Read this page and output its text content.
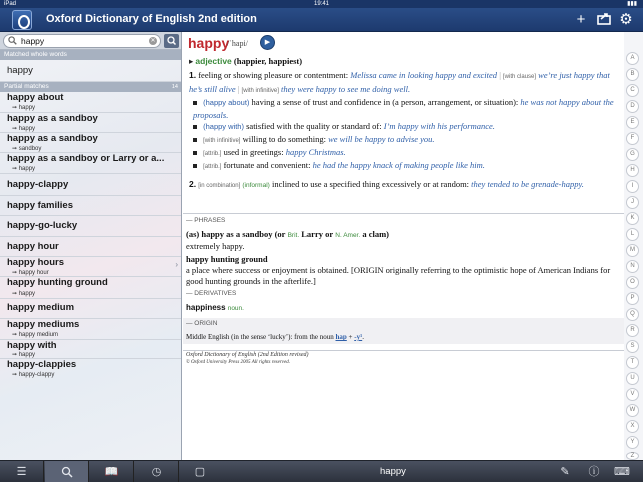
iPad	19:41	▮▮▮
Oxford Dictionary of English 2nd edition	+	⚙
happy	✕
Matched whole words
happy
Partial matches	14
happy about
➞ happy
happy as a sandboy
➞ happy
happy as a sandboy
➞ sandboy
happy as a sandboy or Larry or a...
➞ happy
happy-clappy
happy families
happy-go-lucky
happy hour
happy hours
➞ happy hour
›
happy hunting ground
➞ happy
happy medium
happy mediums
➞ happy medium
happy with
➞ happy
happy-clappies
➞ happy-clappy
happy
/ˈhapi/	▶
▸ adjective (happier, happiest)
1. feeling or showing pleasure or contentment: Melissa came in looking happy and excited | [with clause] we’re just happy that he’s still alive | [with infinitive] they were happy to see me doing well.
(happy about) having a sense of trust and confidence in (a person, arrangement, or situation): he was not happy about the proposals.
(happy with) satisfied with the quality or standard of: I’m happy with his performance.
[with infinitive] willing to do something: we will be happy to advise you.
[attrib.] used in greetings: happy Christmas.
[attrib.] fortunate and convenient: he had the happy knack of making people like him.
2. [in combination] (informal) inclined to use a specified thing excessively or at random: they tended to be grenade-happy.
— PHRASES
(as) happy as a sandboy (or Brit. Larry or N. Amer. a clam)
extremely happy.
happy hunting ground
a place where success or enjoyment is obtained. [ORIGIN originally referring to the optimistic hope of American Indians for good hunting grounds in the afterlife.]
— DERIVATIVES
happiness noun.
— ORIGIN
Middle English (in the sense ‘lucky’): from the noun hap + -y¹.
Oxford Dictionary of English (2nd Edition revised)
© Oxford University Press 2005 All rights reserved.
A
B
C
D
E
F
G
H
I
J
K
L
M
N
O
P
Q
R
S
T
U
V
W
X
Y
Z
☰	📖	◷	▢	happy	✎	ⓘ ⌨
